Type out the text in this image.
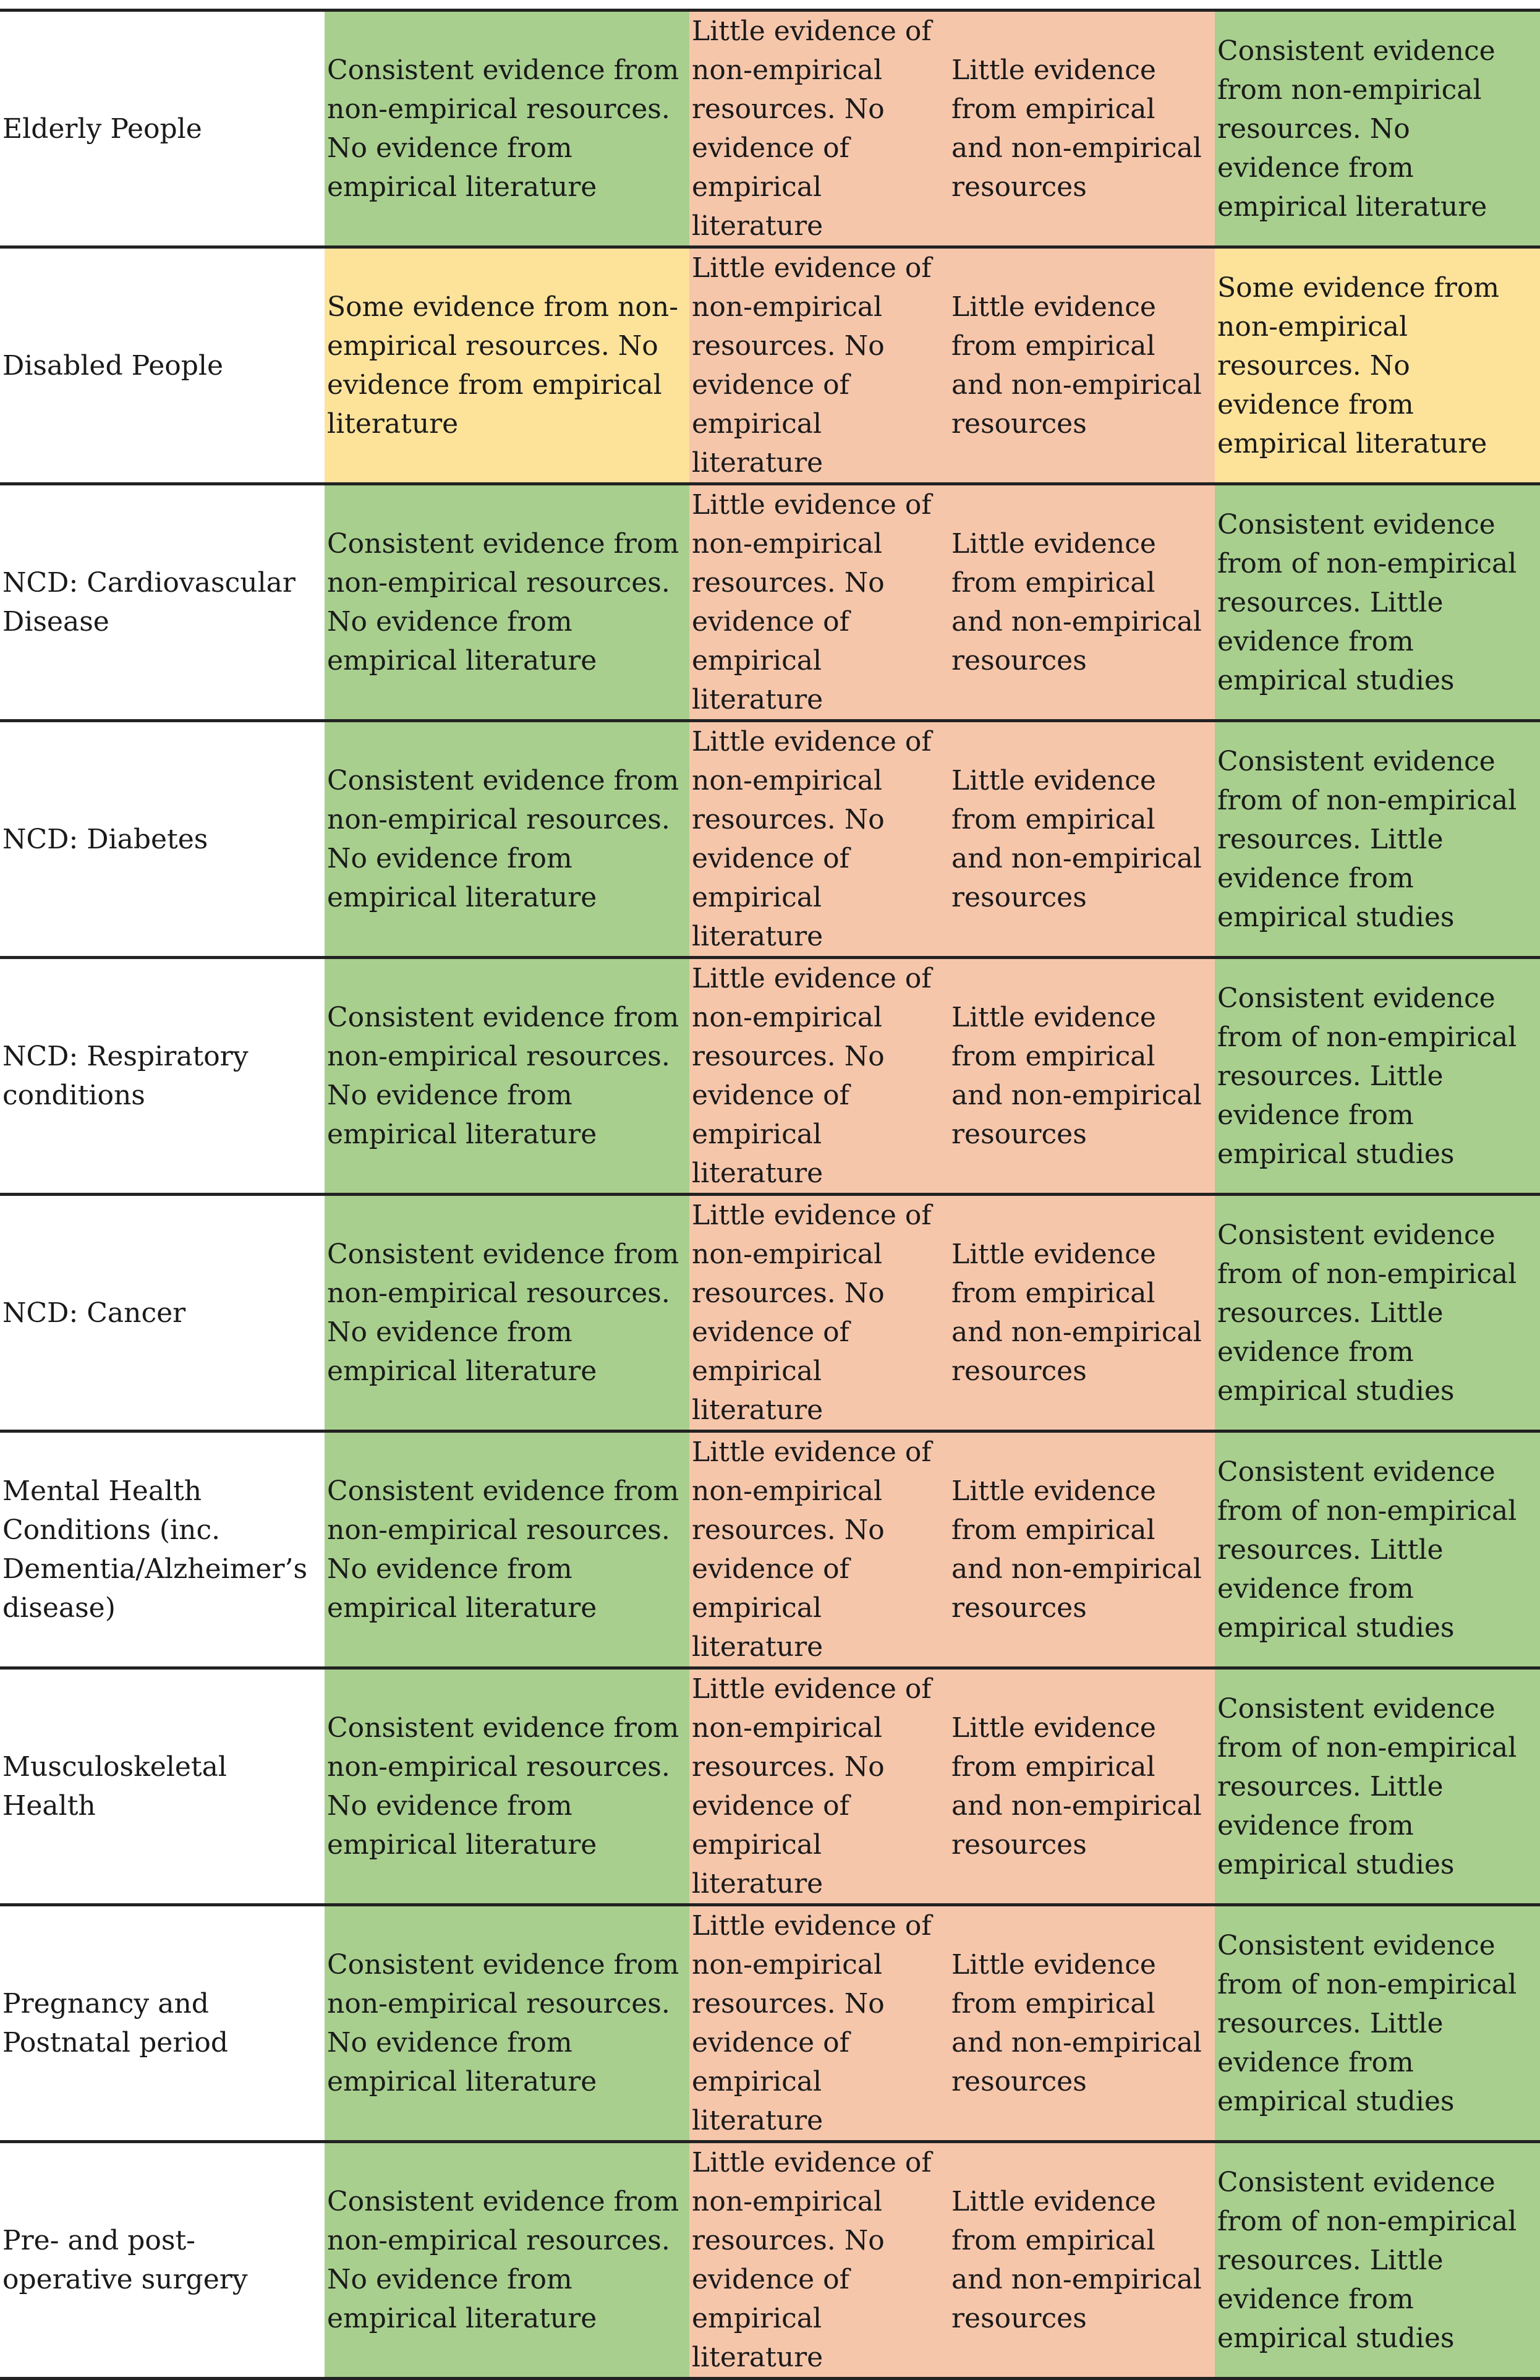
Elderly People	Consistent evidence from non-empirical resources. No evidence from empirical literature	Little evidence of non-empirical resources. No evidence of empirical literature	Little evidence from empirical and non-empirical resources	Consistent evidence from non-empirical resources. No evidence from empirical literature
Disabled People	Some evidence from non-empirical resources. No evidence from empirical literature	Little evidence of non-empirical resources. No evidence of empirical literature	Little evidence from empirical and non-empirical resources	Some evidence from non-empirical resources. No evidence from empirical literature
NCD: Cardiovascular Disease	Consistent evidence from non-empirical resources. No evidence from empirical literature	Little evidence of non-empirical resources. No evidence of empirical literature	Little evidence from empirical and non-empirical resources	Consistent evidence from of non-empirical resources. Little evidence from empirical studies
NCD: Diabetes	Consistent evidence from non-empirical resources. No evidence from empirical literature	Little evidence of non-empirical resources. No evidence of empirical literature	Little evidence from empirical and non-empirical resources	Consistent evidence from of non-empirical resources. Little evidence from empirical studies
NCD: Respiratory conditions	Consistent evidence from non-empirical resources. No evidence from empirical literature	Little evidence of non-empirical resources. No evidence of empirical literature	Little evidence from empirical and non-empirical resources	Consistent evidence from of non-empirical resources. Little evidence from empirical studies
NCD: Cancer	Consistent evidence from non-empirical resources. No evidence from empirical literature	Little evidence of non-empirical resources. No evidence of empirical literature	Little evidence from empirical and non-empirical resources	Consistent evidence from of non-empirical resources. Little evidence from empirical studies
Mental Health Conditions (inc. Dementia/Alzheimer’s disease)	Consistent evidence from non-empirical resources. No evidence from empirical literature	Little evidence of non-empirical resources. No evidence of empirical literature	Little evidence from empirical and non-empirical resources	Consistent evidence from of non-empirical resources. Little evidence from empirical studies
Musculoskeletal Health	Consistent evidence from non-empirical resources. No evidence from empirical literature	Little evidence of non-empirical resources. No evidence of empirical literature	Little evidence from empirical and non-empirical resources	Consistent evidence from of non-empirical resources. Little evidence from empirical studies
Pregnancy and Postnatal period	Consistent evidence from non-empirical resources. No evidence from empirical literature	Little evidence of non-empirical resources. No evidence of empirical literature	Little evidence from empirical and non-empirical resources	Consistent evidence from of non-empirical resources. Little evidence from empirical studies
Pre- and post-operative surgery	Consistent evidence from non-empirical resources. No evidence from empirical literature	Little evidence of non-empirical resources. No evidence of empirical literature	Little evidence from empirical and non-empirical resources	Consistent evidence from of non-empirical resources. Little evidence from empirical studies
